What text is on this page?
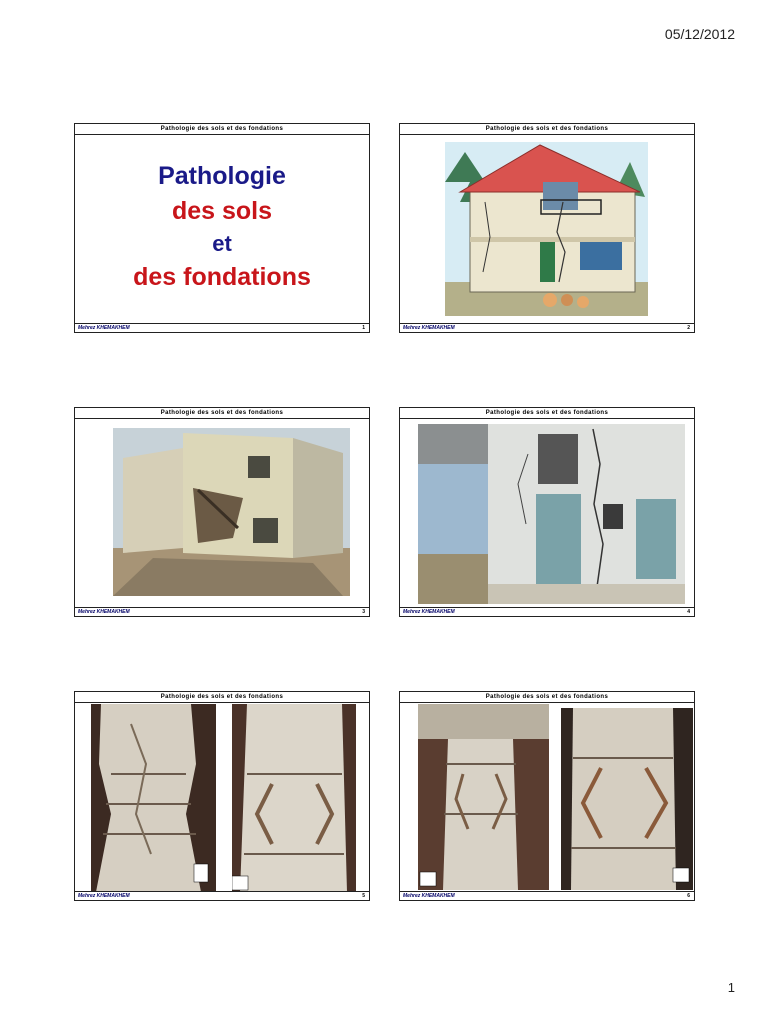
05/12/2012
Pathologie des sols et des fondations
Pathologie
des sols
et
des fondations
Mehrez KHEMAKHEM	1
Pathologie des sols et des fondations
Mehrez KHEMAKHEM	2
Pathologie des sols et des fondations
Mehrez KHEMAKHEM	3
Pathologie des sols et des fondations
Mehrez KHEMAKHEM	4
Pathologie des sols et des fondations
Mehrez KHEMAKHEM	5
Pathologie des sols et des fondations
Mehrez KHEMAKHEM	6
1
